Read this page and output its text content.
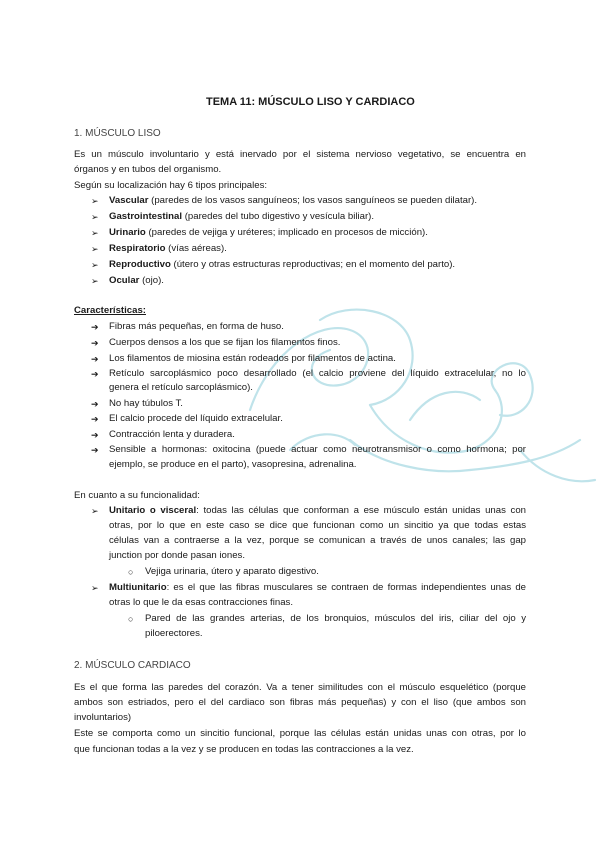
TEMA 11: MÚSCULO LISO Y CARDIACO
1. MÚSCULO LISO
Es un músculo involuntario y está inervado por el sistema nervioso vegetativo, se encuentra en
órganos y en tubos del organismo.
Según su localización hay 6 tipos principales:
➢ Vascular (paredes de los vasos sanguíneos; los vasos sanguíneos se pueden dilatar).
➢ Gastrointestinal (paredes del tubo digestivo y vesícula biliar).
➢ Urinario (paredes de vejiga y uréteres; implicado en procesos de micción).
➢ Respiratorio (vías aéreas).
➢ Reproductivo (útero y otras estructuras reproductivas; en el momento del parto).
➢ Ocular (ojo).
Características:
➔ Fibras más pequeñas, en forma de huso.
➔ Cuerpos densos a los que se fijan los filamentos finos.
➔ Los filamentos de miosina están rodeados por filamentos de actina.
➔ Retículo sarcoplásmico poco desarrollado (el calcio proviene del líquido extracelular, no lo
genera el retículo sarcoplásmico).
➔ No hay túbulos T.
➔ El calcio procede del líquido extracelular.
➔ Contracción lenta y duradera.
➔ Sensible a hormonas: oxitocina (puede actuar como neurotransmisor o como hormona; por
ejemplo, se produce en el parto), vasopresina, adrenalina.
En cuanto a su funcionalidad:
➢ Unitario o visceral: todas las células que conforman a ese músculo están unidas unas con
otras, por lo que en este caso se dice que funcionan como un sincitio ya que todas estas
células van a contraerse a la vez, porque se comunican a través de unos canales; las gap
junction por donde pasan iones.
○ Vejiga urinaria, útero y aparato digestivo.
➢ Multiunitario: es el que las fibras musculares se contraen de formas independientes unas de
otras lo que le da esas contracciones finas.
○ Pared de las grandes arterias, de los bronquios, músculos del iris, ciliar del ojo y
piloerectores.
2. MÚSCULO CARDIACO
Es el que forma las paredes del corazón. Va a tener similitudes con el músculo esquelético (porque
ambos son estriados, pero el del cardiaco son fibras más pequeñas) y con el liso (que ambos son
involuntarios)
Este se comporta como un sincitio funcional, porque las células están unidas unas con otras, por lo
que funcionan todas a la vez y se producen en todas las contracciones a la vez.
